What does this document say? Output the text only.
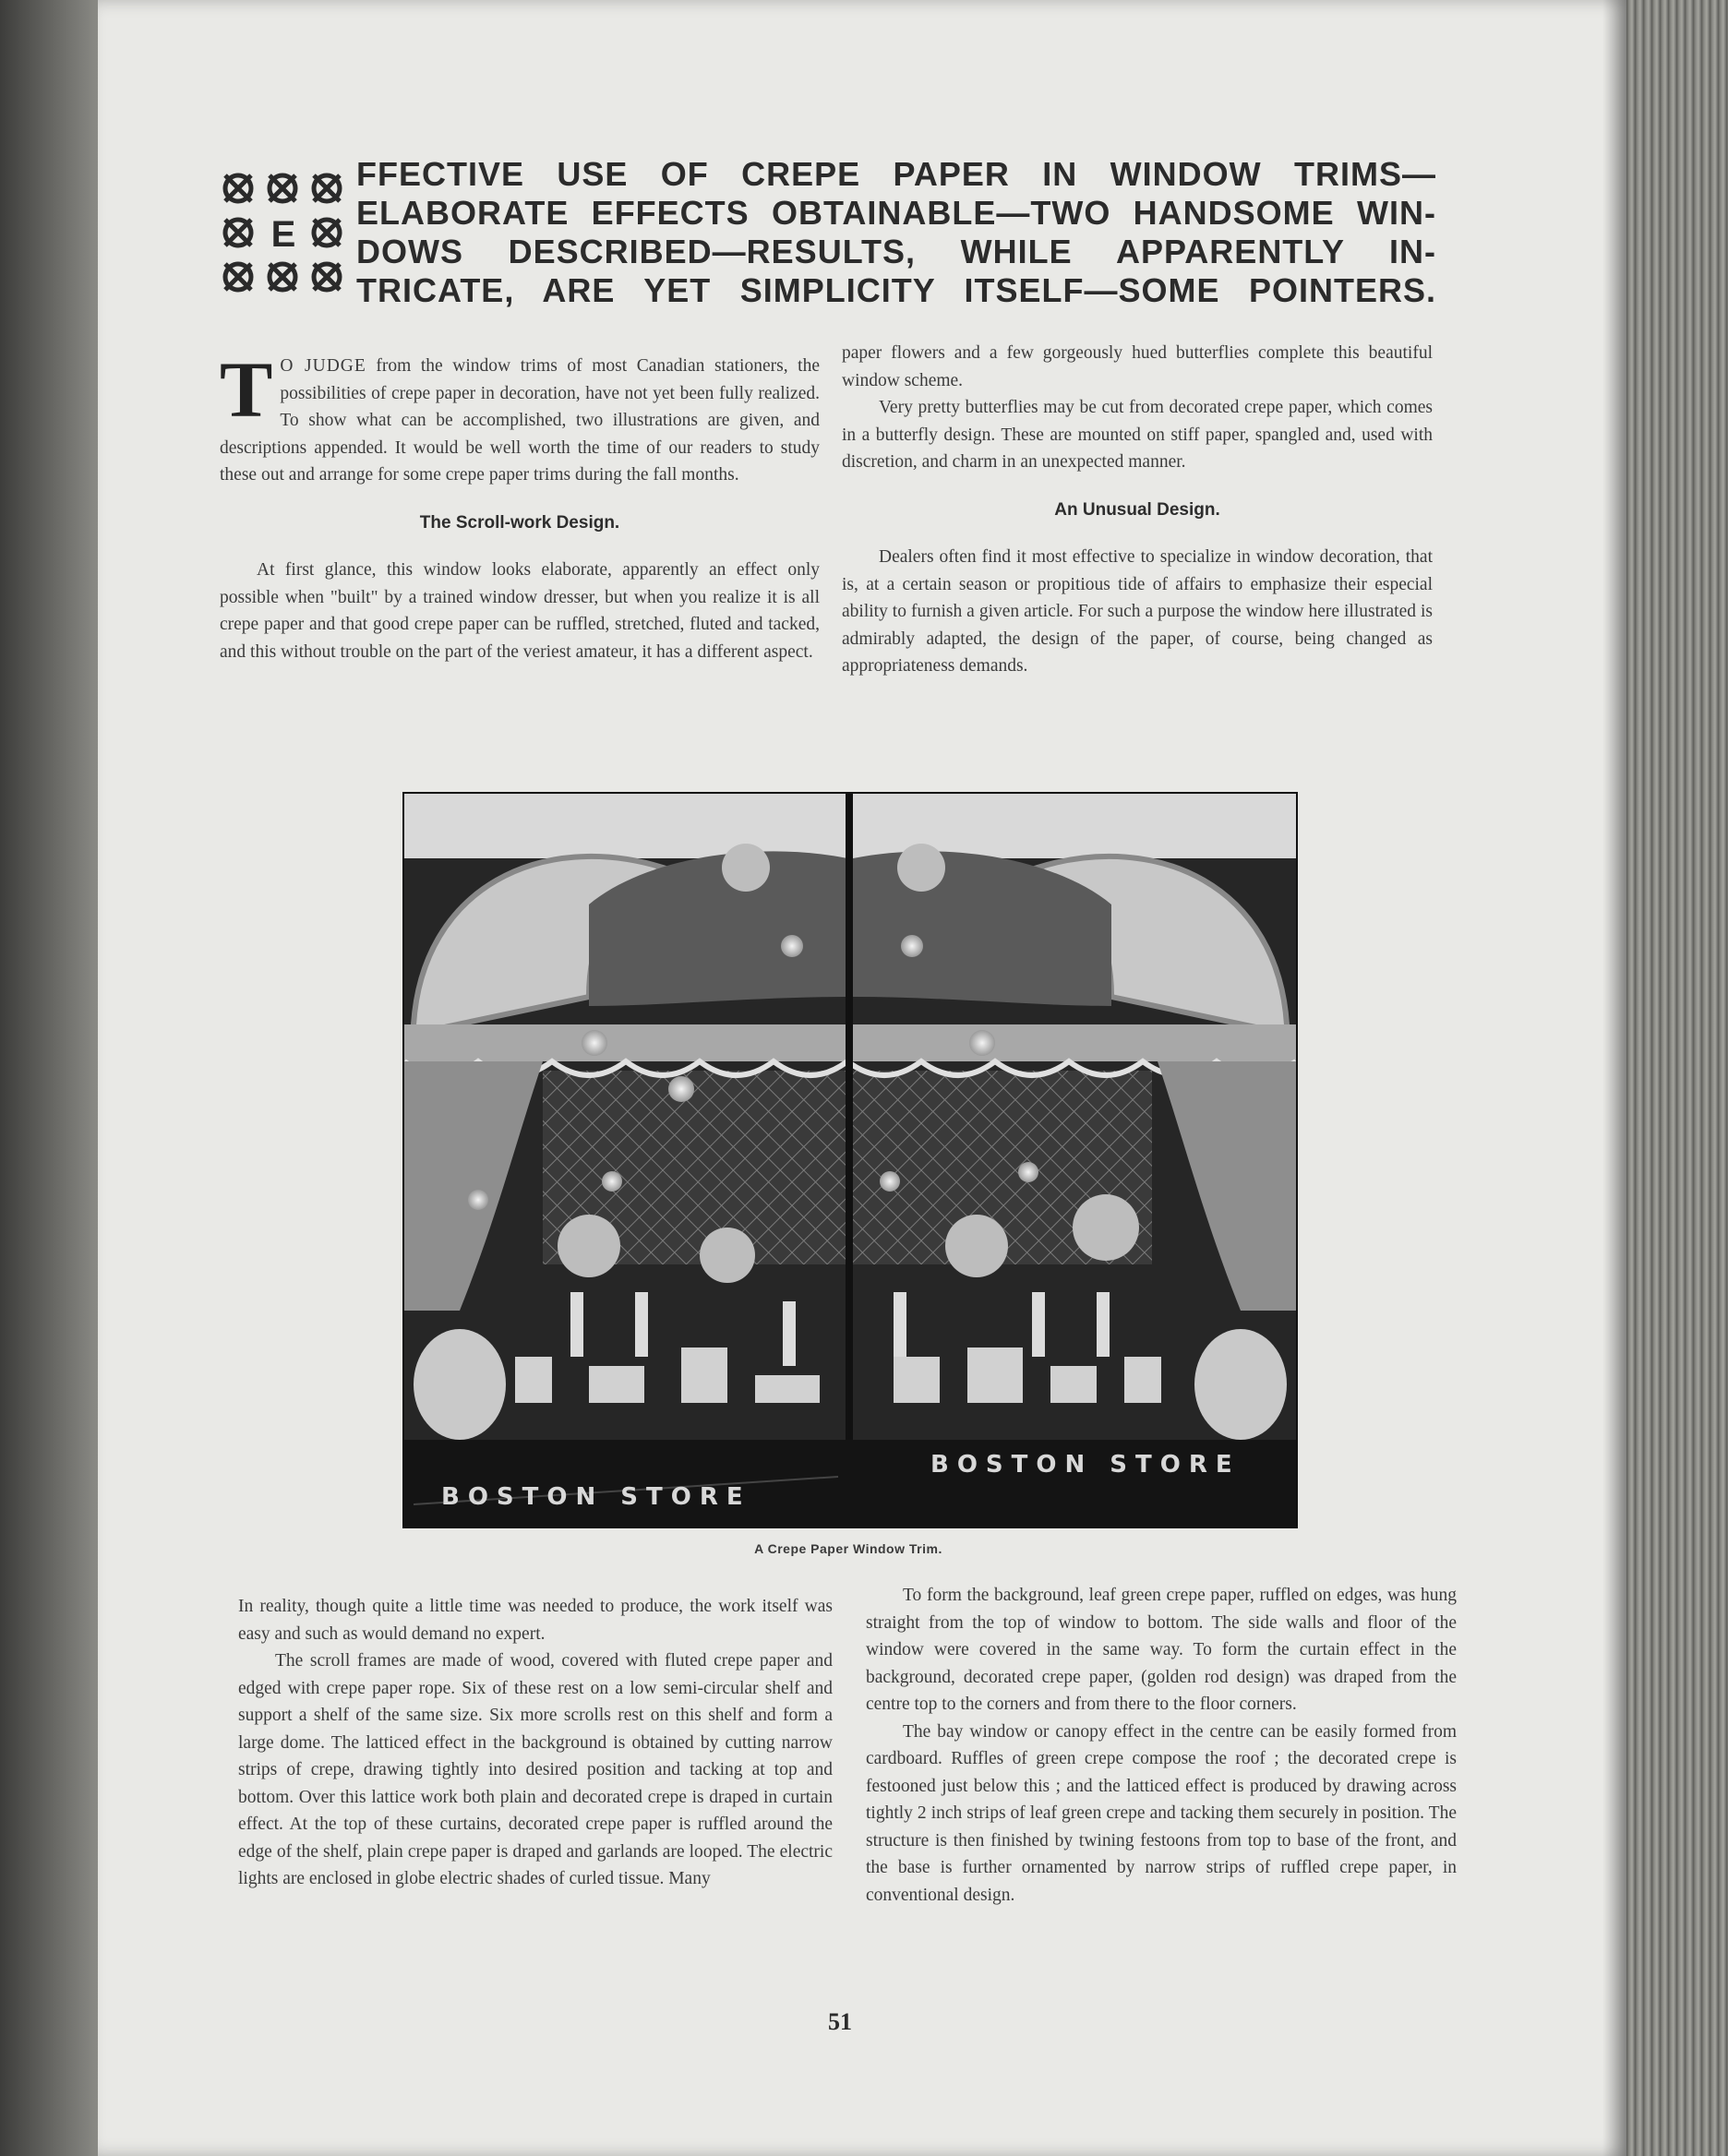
E
FFECTIVE USE OF CREPE PAPER IN WINDOW TRIMS—
ELABORATE EFFECTS OBTAINABLE—TWO HANDSOME WIN-
DOWS DESCRIBED—RESULTS, WHILE APPARENTLY IN-
TRICATE, ARE YET SIMPLICITY ITSELF—SOME POINTERS.

T O JUDGE from the window trims of most Canadian stationers, the possibilities of crepe paper in decoration, have not yet been fully realized. To show what can be accomplished, two illustrations are given, and descriptions appended. It would be well worth the time of our readers to study these out and arrange for some crepe paper trims during the fall months.

The Scroll-work Design.

At first glance, this window looks elaborate, apparently an effect only possible when "built" by a trained window dresser, but when you realize it is all crepe paper and that good crepe paper can be ruffled, stretched, fluted and tacked, and this without trouble on the part of the veriest amateur, it has a different aspect.

paper flowers and a few gorgeously hued butterflies complete this beautiful window scheme.

Very pretty butterflies may be cut from decorated crepe paper, which comes in a butterfly design. These are mounted on stiff paper, spangled and, used with discretion, and charm in an unexpected manner.

An Unusual Design.

Dealers often find it most effective to specialize in window decoration, that is, at a certain season or propitious tide of affairs to emphasize their especial ability to furnish a given article. For such a purpose the window here illustrated is admirably adapted, the design of the paper, of course, being changed as appropriateness demands.

BOSTON STORE
BOSTON STORE
A Crepe Paper Window Trim.

In reality, though quite a little time was needed to produce, the work itself was easy and such as would demand no expert.

The scroll frames are made of wood, covered with fluted crepe paper and edged with crepe paper rope. Six of these rest on a low semi-circular shelf and support a shelf of the same size. Six more scrolls rest on this shelf and form a large dome. The latticed effect in the background is obtained by cutting narrow strips of crepe, drawing tightly into desired position and tacking at top and bottom. Over this lattice work both plain and decorated crepe is draped in curtain effect. At the top of these curtains, decorated crepe paper is ruffled around the edge of the shelf, plain crepe paper is draped and garlands are looped. The electric lights are enclosed in globe electric shades of curled tissue. Many

To form the background, leaf green crepe paper, ruffled on edges, was hung straight from the top of window to bottom. The side walls and floor of the window were covered in the same way. To form the curtain effect in the background, decorated crepe paper, (golden rod design) was draped from the centre top to the corners and from there to the floor corners.

The bay window or canopy effect in the centre can be easily formed from cardboard. Ruffles of green crepe compose the roof ; the decorated crepe is festooned just below this ; and the latticed effect is produced by drawing across tightly 2 inch strips of leaf green crepe and tacking them securely in position. The structure is then finished by twining festoons from top to base of the front, and the base is further ornamented by narrow strips of ruffled crepe paper, in conventional design.

51
